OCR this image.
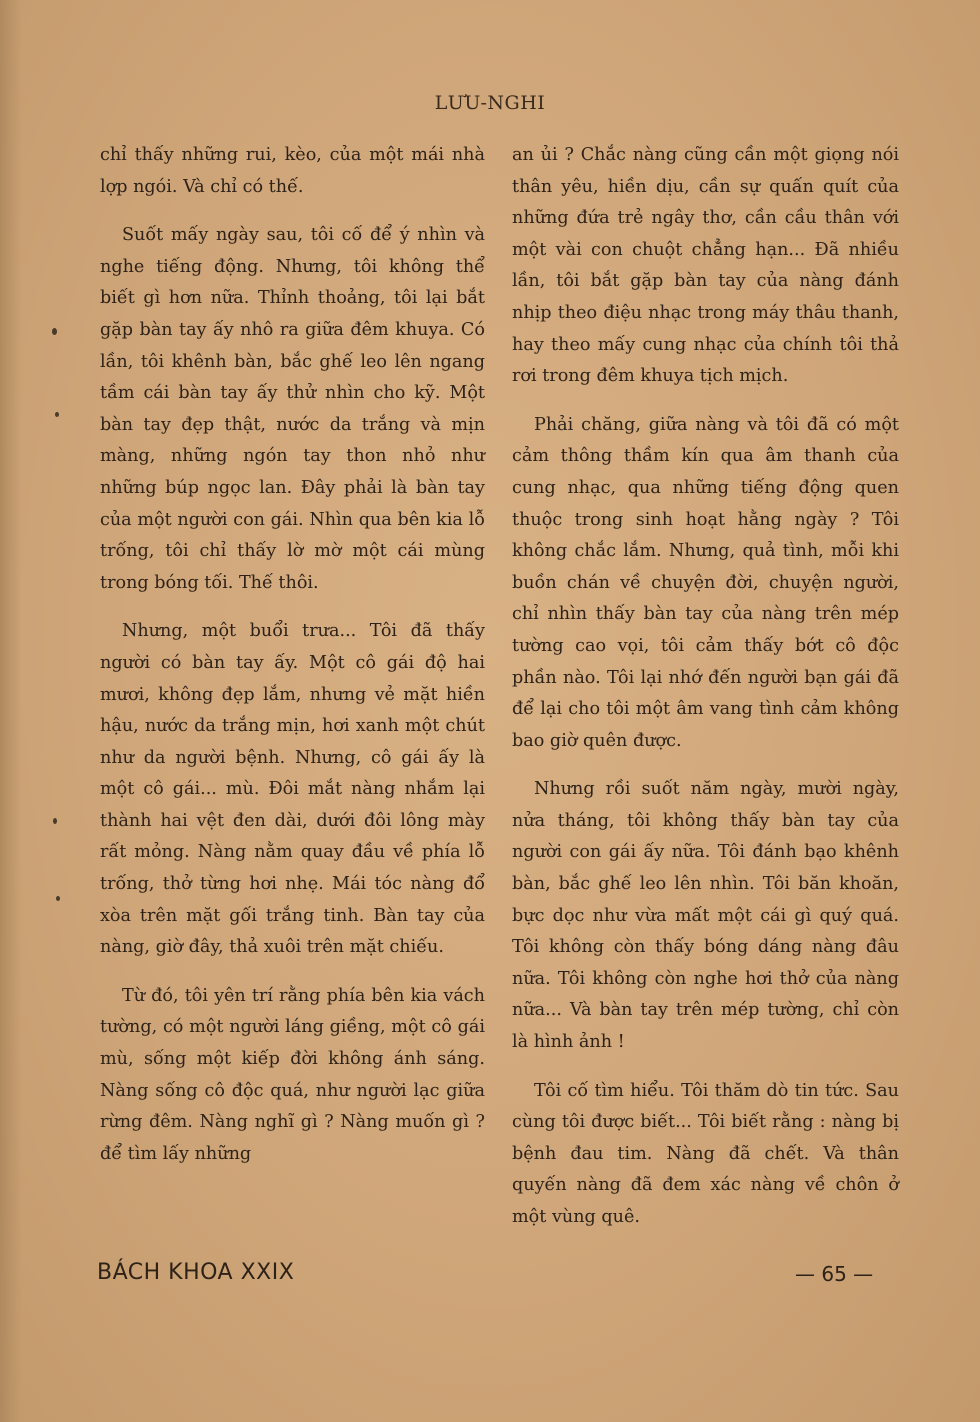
LƯU-NGHI

chỉ thấy những rui, kèo, của một mái nhà lợp ngói. Và chỉ có thế.

Suốt mấy ngày sau, tôi cố để ý nhìn và nghe tiếng động. Nhưng, tôi không thể biết gì hơn nữa. Thỉnh thoảng, tôi lại bắt gặp bàn tay ấy nhô ra giữa đêm khuya. Có lần, tôi khênh bàn, bắc ghế leo lên ngang tầm cái bàn tay ấy thử nhìn cho kỹ. Một bàn tay đẹp thật, nước da trắng và mịn màng, những ngón tay thon nhỏ như những búp ngọc lan. Đây phải là bàn tay của một người con gái. Nhìn qua bên kia lỗ trống, tôi chỉ thấy lờ mờ một cái mùng trong bóng tối. Thế thôi.

Nhưng, một buổi trưa... Tôi đã thấy người có bàn tay ấy. Một cô gái độ hai mươi, không đẹp lắm, nhưng vẻ mặt hiền hậu, nước da trắng mịn, hơi xanh một chút như da người bệnh. Nhưng, cô gái ấy là một cô gái... mù. Đôi mắt nàng nhắm lại thành hai vệt đen dài, dưới đôi lông mày rất mỏng. Nàng nằm quay đầu về phía lỗ trống, thở từng hơi nhẹ. Mái tóc nàng đổ xòa trên mặt gối trắng tinh. Bàn tay của nàng, giờ đây, thả xuôi trên mặt chiếu.

Từ đó, tôi yên trí rằng phía bên kia vách tường, có một người láng giềng, một cô gái mù, sống một kiếp đời không ánh sáng. Nàng sống cô độc quá, như người lạc giữa rừng đêm. Nàng nghĩ gì ? Nàng muốn gì ? để tìm lấy những

an ủi ? Chắc nàng cũng cần một giọng nói thân yêu, hiền dịu, cần sự quấn quít của những đứa trẻ ngây thơ, cần cầu thân với một vài con chuột chẳng hạn... Đã nhiều lần, tôi bắt gặp bàn tay của nàng đánh nhịp theo điệu nhạc trong máy thâu thanh, hay theo mấy cung nhạc của chính tôi thả rơi trong đêm khuya tịch mịch.

Phải chăng, giữa nàng và tôi đã có một cảm thông thầm kín qua âm thanh của cung nhạc, qua những tiếng động quen thuộc trong sinh hoạt hằng ngày ? Tôi không chắc lắm. Nhưng, quả tình, mỗi khi buồn chán về chuyện đời, chuyện người, chỉ nhìn thấy bàn tay của nàng trên mép tường cao vọi, tôi cảm thấy bớt cô độc phần nào. Tôi lại nhớ đến người bạn gái đã để lại cho tôi một âm vang tình cảm không bao giờ quên được.

Nhưng rồi suốt năm ngày, mười ngày, nửa tháng, tôi không thấy bàn tay của người con gái ấy nữa. Tôi đánh bạo khênh bàn, bắc ghế leo lên nhìn. Tôi băn khoăn, bực dọc như vừa mất một cái gì quý quá. Tôi không còn thấy bóng dáng nàng đâu nữa. Tôi không còn nghe hơi thở của nàng nữa... Và bàn tay trên mép tường, chỉ còn là hình ảnh !

Tôi cố tìm hiểu. Tôi thăm dò tin tức. Sau cùng tôi được biết... Tôi biết rằng : nàng bị bệnh đau tim. Nàng đã chết. Và thân quyến nàng đã đem xác nàng về chôn ở một vùng quê.

BÁCH KHOA XXIX	— 65 —
